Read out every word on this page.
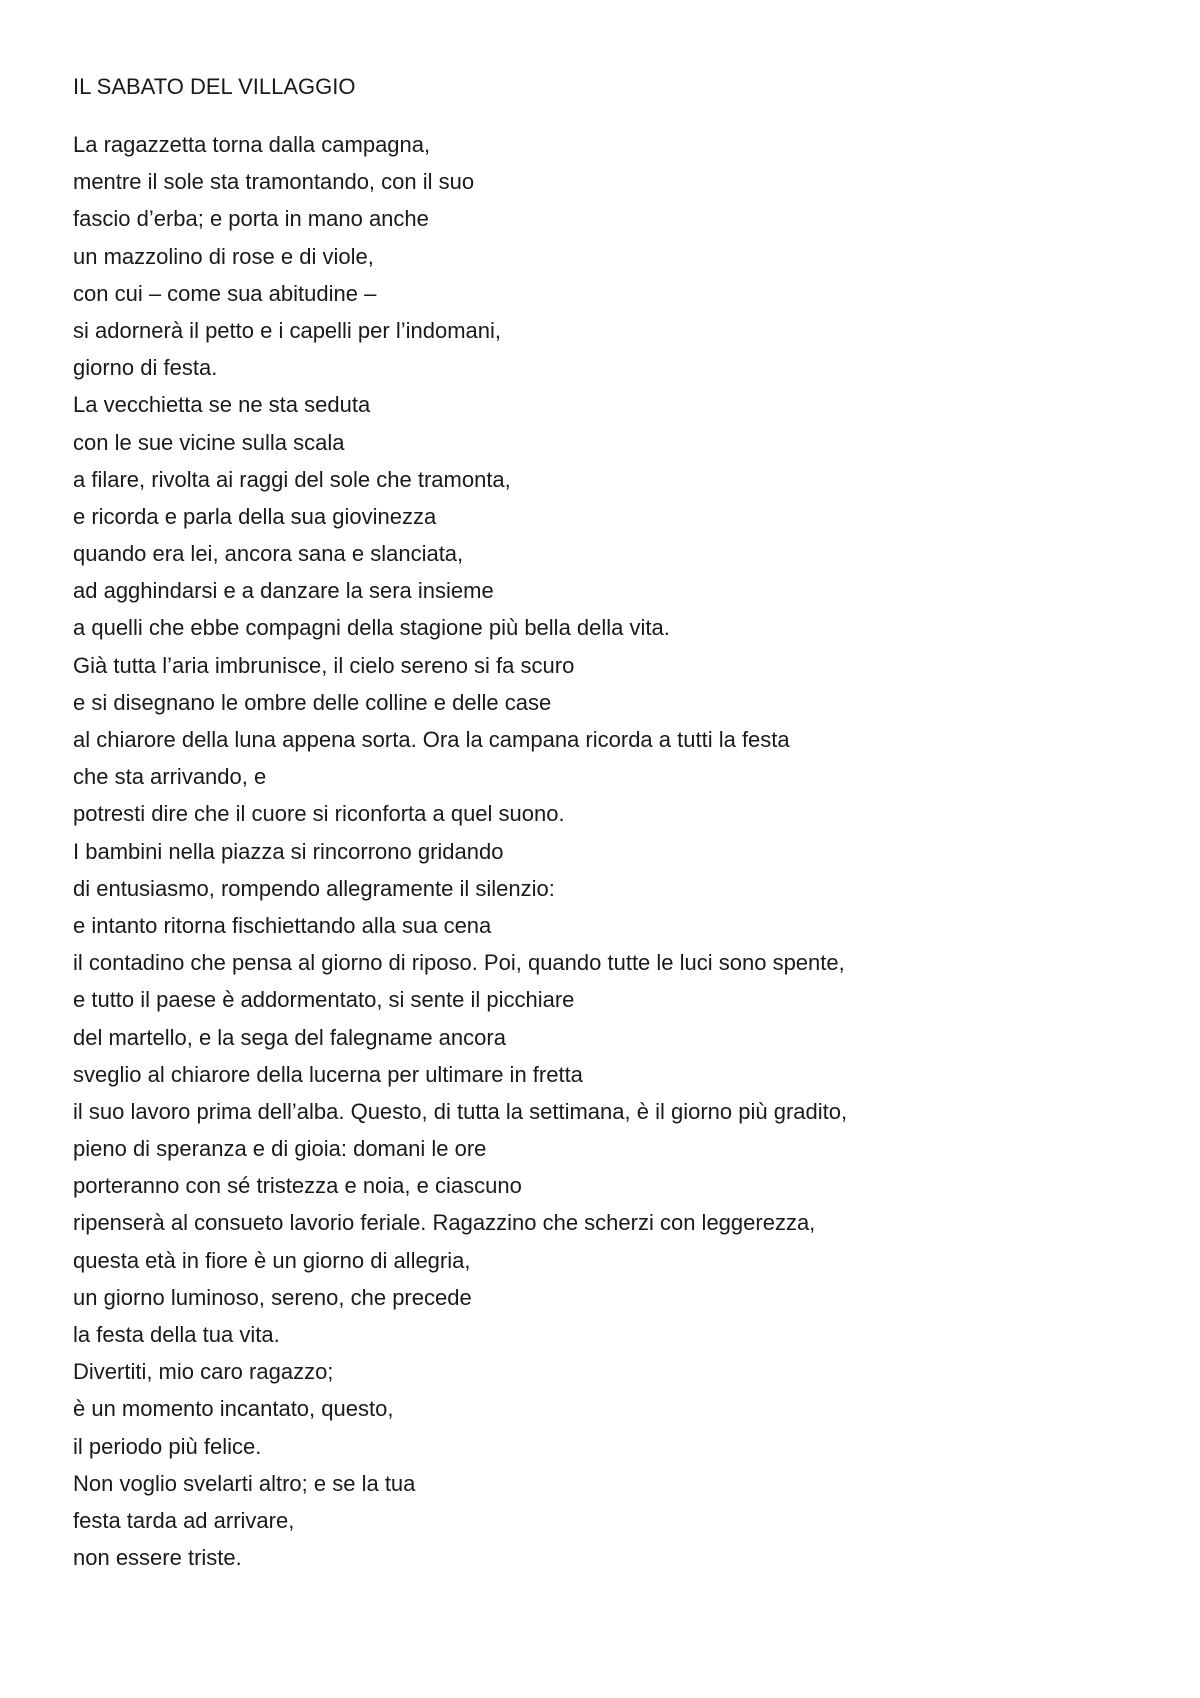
IL SABATO DEL VILLAGGIO
La ragazzetta torna dalla campagna,
mentre il sole sta tramontando, con il suo
fascio d’erba; e porta in mano anche
un mazzolino di rose e di viole,
con cui – come sua abitudine –
si adornerà il petto e i capelli per l’indomani,
giorno di festa.
La vecchietta se ne sta seduta
con le sue vicine sulla scala
a filare, rivolta ai raggi del sole che tramonta,
e ricorda e parla della sua giovinezza
quando era lei, ancora sana e slanciata,
ad agghindarsi e a danzare la sera insieme
a quelli che ebbe compagni della stagione più bella della vita.
Già tutta l’aria imbrunisce, il cielo sereno si fa scuro
e si disegnano le ombre delle colline e delle case
al chiarore della luna appena sorta. Ora la campana ricorda a tutti la festa
che sta arrivando, e
potresti dire che il cuore si riconforta a quel suono.
I bambini nella piazza si rincorrono gridando
di entusiasmo, rompendo allegramente il silenzio:
e intanto ritorna fischiettando alla sua cena
il contadino che pensa al giorno di riposo. Poi, quando tutte le luci sono spente,
e tutto il paese è addormentato, si sente il picchiare
del martello, e la sega del falegname ancora
sveglio al chiarore della lucerna per ultimare in fretta
il suo lavoro prima dell’alba. Questo, di tutta la settimana, è il giorno più gradito,
pieno di speranza e di gioia: domani le ore
porteranno con sé tristezza e noia, e ciascuno
ripenserà al consueto lavorio feriale. Ragazzino che scherzi con leggerezza,
questa età in fiore è un giorno di allegria,
un giorno luminoso, sereno, che precede
la festa della tua vita.
Divertiti, mio caro ragazzo;
è un momento incantato, questo,
il periodo più felice.
Non voglio svelarti altro; e se la tua
festa tarda ad arrivare,
non essere triste.
